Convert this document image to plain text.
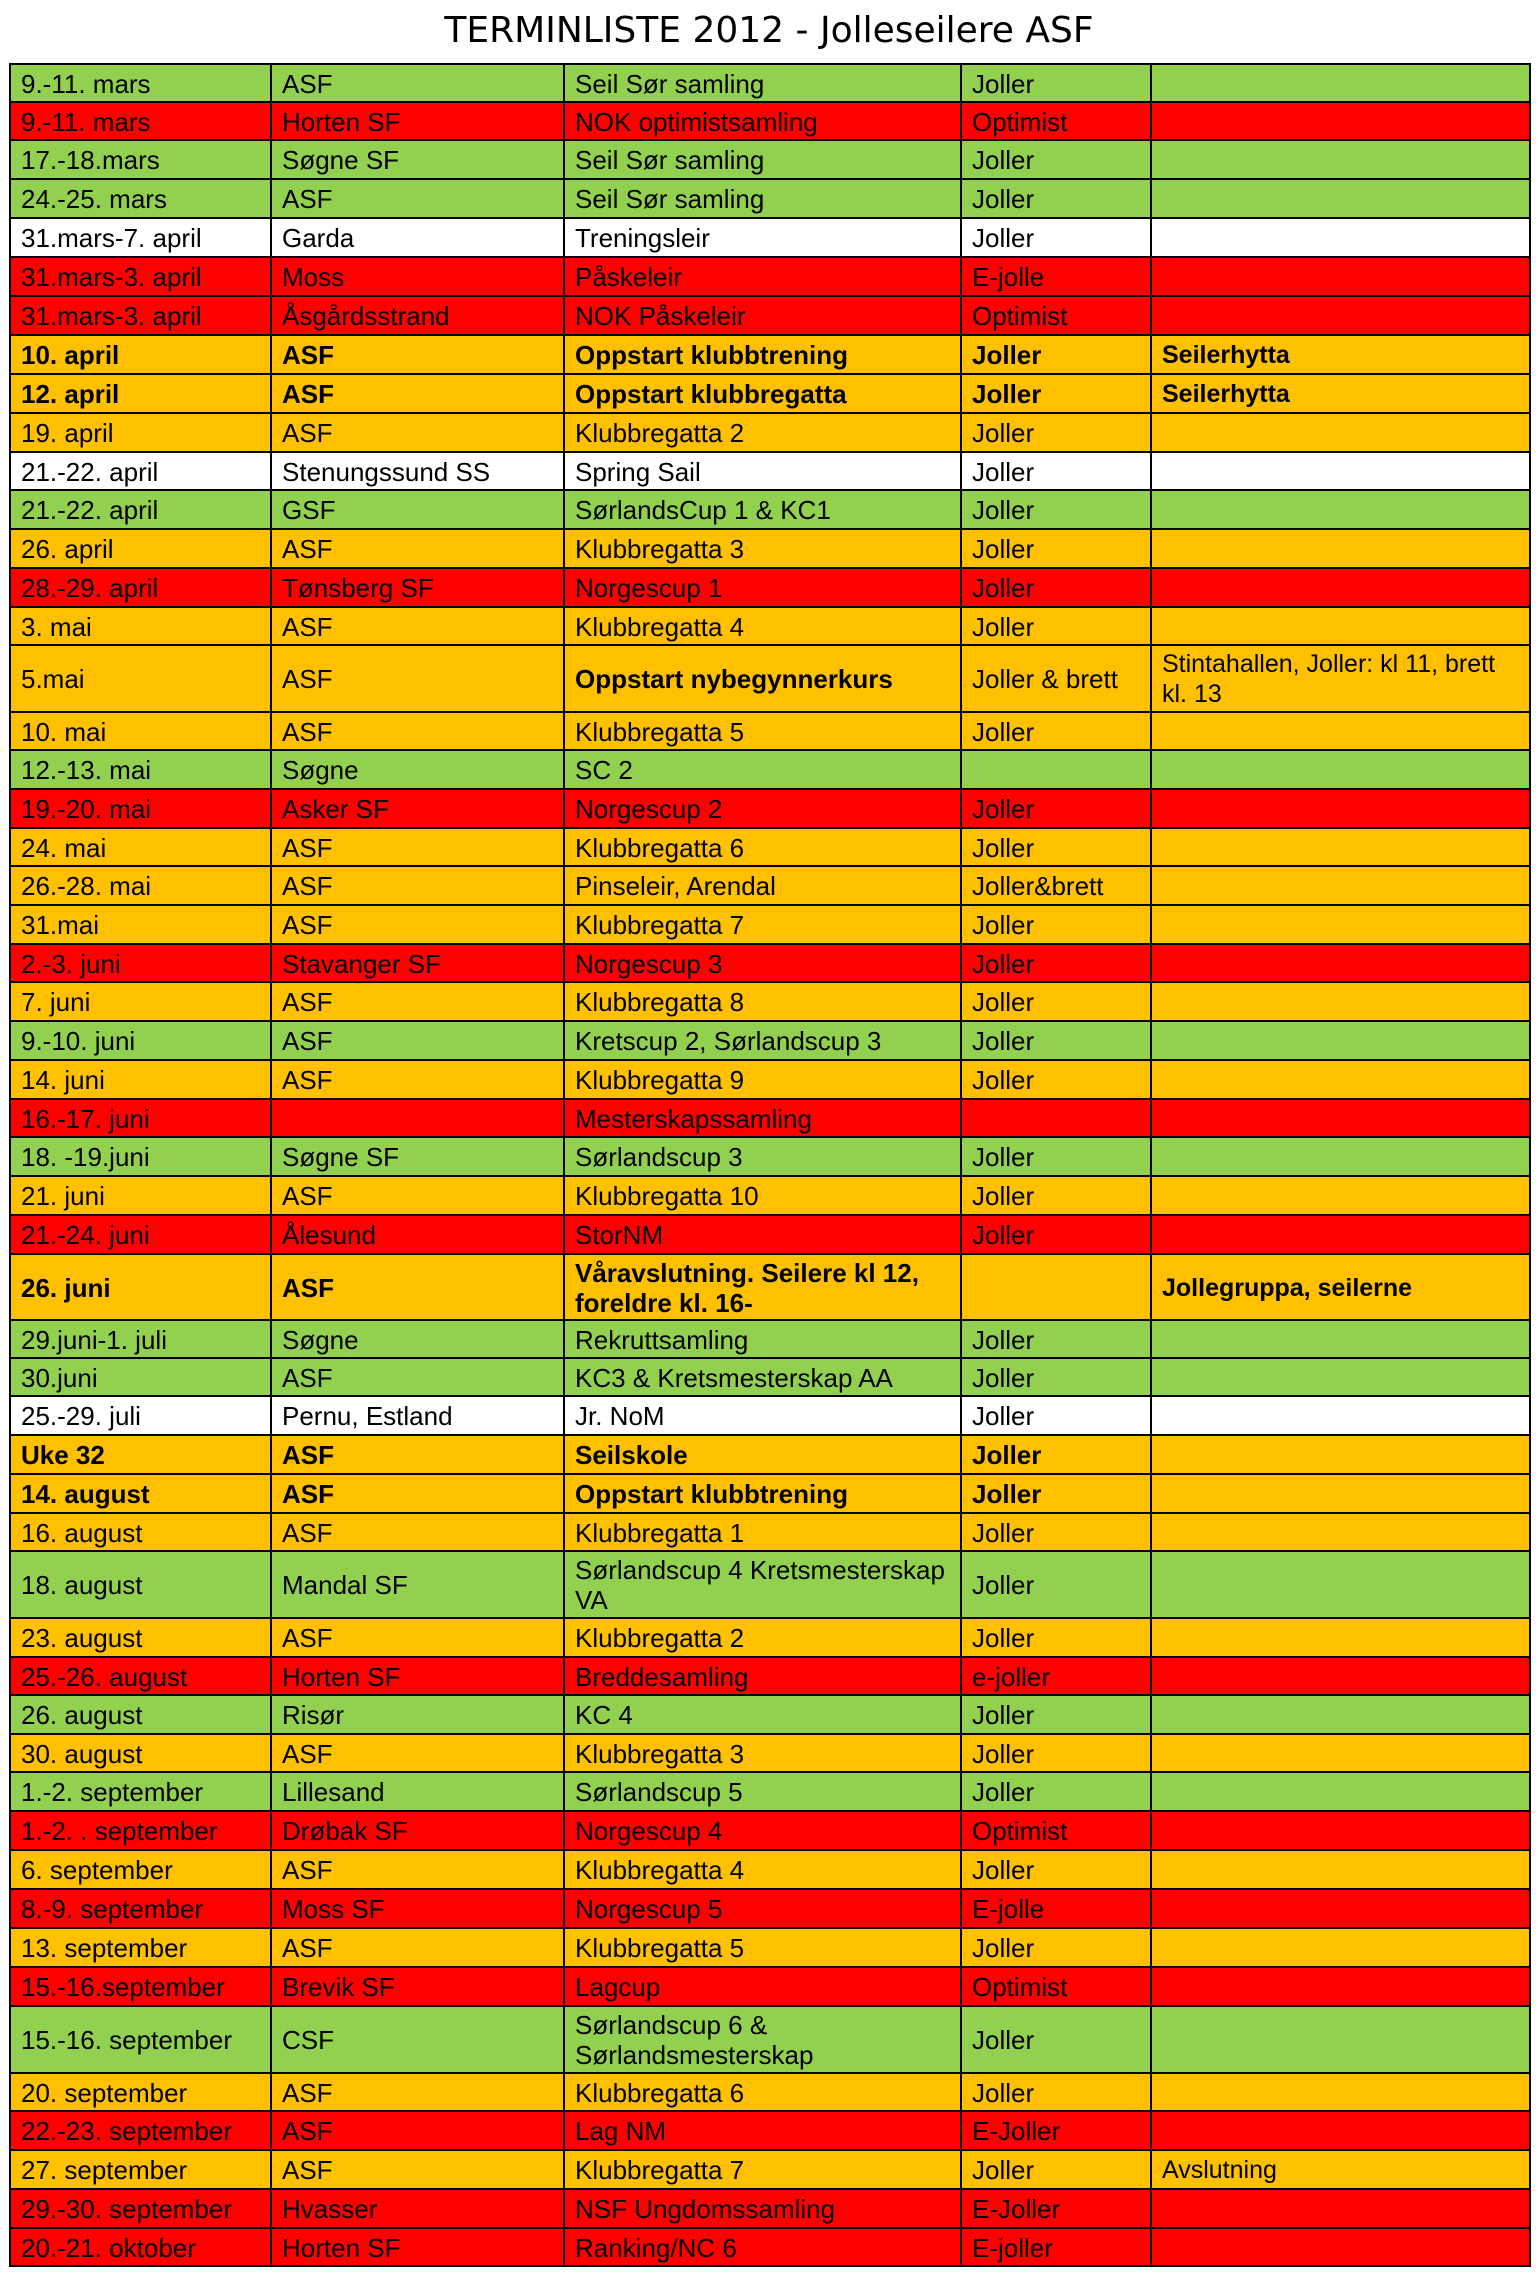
TERMINLISTE 2012 - Jolleseilere ASF
9.-11. mars	ASF	Seil Sør samling	Joller	
9.-11. mars	Horten SF	NOK optimistsamling	Optimist	
17.-18.mars	Søgne SF	Seil Sør samling	Joller	
24.-25. mars	ASF	Seil Sør samling	Joller	
31.mars-7. april	Garda	Treningsleir	Joller	
31.mars-3. april	Moss	Påskeleir	E-jolle	
31.mars-3. april	Åsgårdsstrand	NOK Påskeleir	Optimist	
10. april	ASF	Oppstart klubbtrening	Joller	Seilerhytta
12. april	ASF	Oppstart klubbregatta	Joller	Seilerhytta
19. april	ASF	Klubbregatta 2	Joller	
21.-22. april	Stenungssund SS	Spring Sail	Joller	
21.-22. april	GSF	SørlandsCup 1 & KC1	Joller	
26. april	ASF	Klubbregatta 3	Joller	
28.-29. april	Tønsberg SF	Norgescup 1	Joller	
3. mai	ASF	Klubbregatta 4	Joller	
5.mai	ASF	Oppstart nybegynnerkurs	Joller & brett	Stintahallen, Joller: kl 11, brett kl. 13
10. mai	ASF	Klubbregatta 5	Joller	
12.-13. mai	Søgne	SC 2		
19.-20. mai	Asker SF	Norgescup 2	Joller	
24. mai	ASF	Klubbregatta 6	Joller	
26.-28. mai	ASF	Pinseleir, Arendal	Joller&brett	
31.mai	ASF	Klubbregatta 7	Joller	
2.-3. juni	Stavanger SF	Norgescup 3	Joller	
7. juni	ASF	Klubbregatta 8	Joller	
9.-10. juni	ASF	Kretscup 2, Sørlandscup 3	Joller	
14. juni	ASF	Klubbregatta 9	Joller	
16.-17. juni		Mesterskapssamling		
18. -19.juni	Søgne SF	Sørlandscup 3	Joller	
21. juni	ASF	Klubbregatta 10	Joller	
21.-24. juni	Ålesund	StorNM	Joller	
26. juni	ASF	Våravslutning. Seilere kl 12, foreldre kl. 16-		Jollegruppa, seilerne
29.juni-1. juli	Søgne	Rekruttsamling	Joller	
30.juni	ASF	KC3 & Kretsmesterskap AA	Joller	
25.-29. juli	Pernu, Estland	Jr. NoM	Joller	
Uke 32	ASF	Seilskole	Joller	
14. august	ASF	Oppstart klubbtrening	Joller	
16. august	ASF	Klubbregatta 1	Joller	
18. august	Mandal SF	Sørlandscup 4 Kretsmesterskap VA	Joller	
23. august	ASF	Klubbregatta 2	Joller	
25.-26. august	Horten SF	Breddesamling	e-joller	
26. august	Risør	KC 4	Joller	
30. august	ASF	Klubbregatta 3	Joller	
1.-2. september	Lillesand	Sørlandscup 5	Joller	
1.-2. . september	Drøbak SF	Norgescup 4	Optimist	
6. september	ASF	Klubbregatta 4	Joller	
8.-9. september	Moss SF	Norgescup 5	E-jolle	
13. september	ASF	Klubbregatta 5	Joller	
15.-16.september	Brevik SF	Lagcup	Optimist	
15.-16. september	CSF	Sørlandscup 6 & Sørlandsmesterskap	Joller	
20. september	ASF	Klubbregatta 6	Joller	
22.-23. september	ASF	Lag NM	E-Joller	
27. september	ASF	Klubbregatta 7	Joller	Avslutning
29.-30. september	Hvasser	NSF Ungdomssamling	E-Joller	
20.-21. oktober	Horten SF	Ranking/NC 6	E-joller	
